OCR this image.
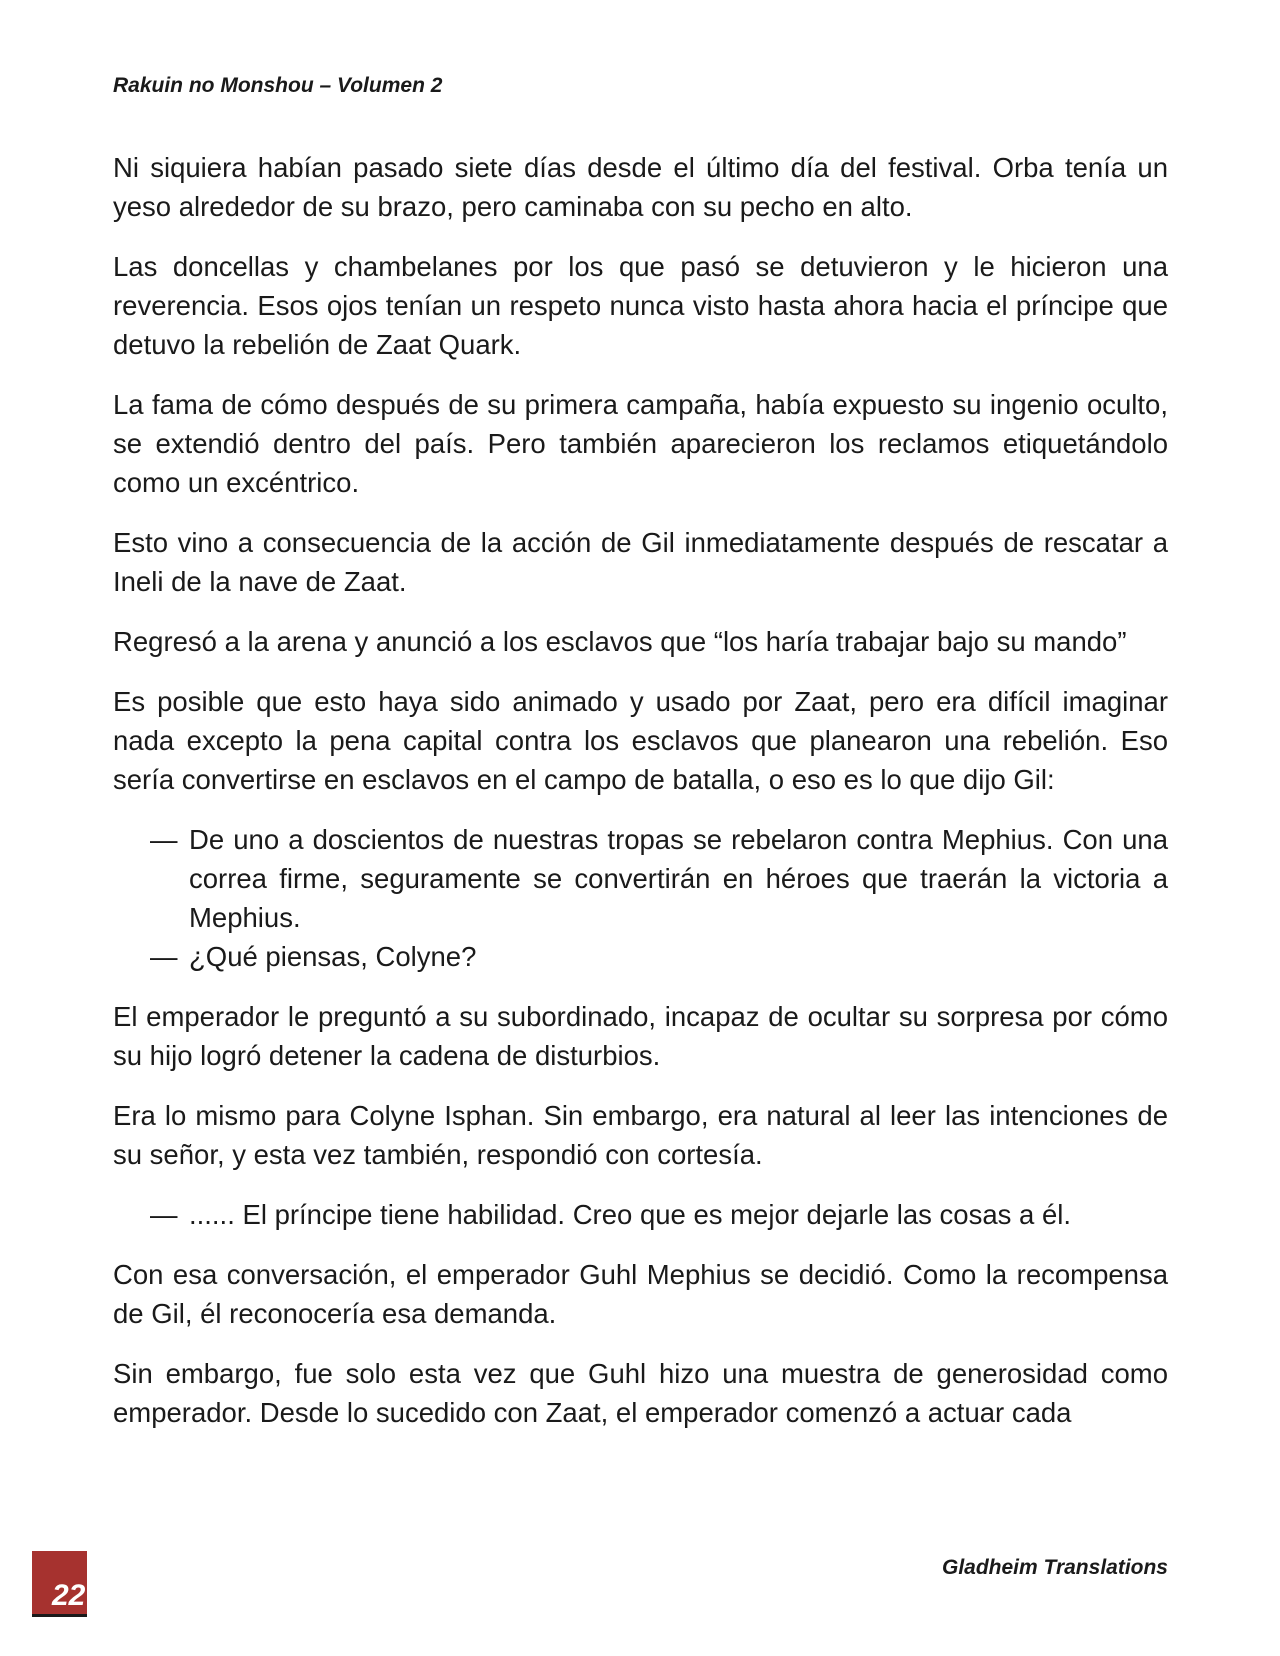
Rakuin no Monshou – Volumen 2

Ni siquiera habían pasado siete días desde el último día del festival. Orba tenía un yeso alrededor de su brazo, pero caminaba con su pecho en alto.

Las doncellas y chambelanes por los que pasó se detuvieron y le hicieron una reverencia. Esos ojos tenían un respeto nunca visto hasta ahora hacia el príncipe que detuvo la rebelión de Zaat Quark.

La fama de cómo después de su primera campaña, había expuesto su ingenio oculto, se extendió dentro del país. Pero también aparecieron los reclamos etiquetándolo como un excéntrico.

Esto vino a consecuencia de la acción de Gil inmediatamente después de rescatar a Ineli de la nave de Zaat.

Regresó a la arena y anunció a los esclavos que “los haría trabajar bajo su mando”

Es posible que esto haya sido animado y usado por Zaat, pero era difícil imaginar nada excepto la pena capital contra los esclavos que planearon una rebelión. Eso sería convertirse en esclavos en el campo de batalla, o eso es lo que dijo Gil:

— De uno a doscientos de nuestras tropas se rebelaron contra Mephius. Con una correa firme, seguramente se convertirán en héroes que traerán la victoria a Mephius.
— ¿Qué piensas, Colyne?

El emperador le preguntó a su subordinado, incapaz de ocultar su sorpresa por cómo su hijo logró detener la cadena de disturbios.

Era lo mismo para Colyne Isphan. Sin embargo, era natural al leer las intenciones de su señor, y esta vez también, respondió con cortesía.

— ...... El príncipe tiene habilidad. Creo que es mejor dejarle las cosas a él.

Con esa conversación, el emperador Guhl Mephius se decidió. Como la recompensa de Gil, él reconocería esa demanda.

Sin embargo, fue solo esta vez que Guhl hizo una muestra de generosidad como emperador. Desde lo sucedido con Zaat, el emperador comenzó a actuar cada

22
Gladheim Translations
